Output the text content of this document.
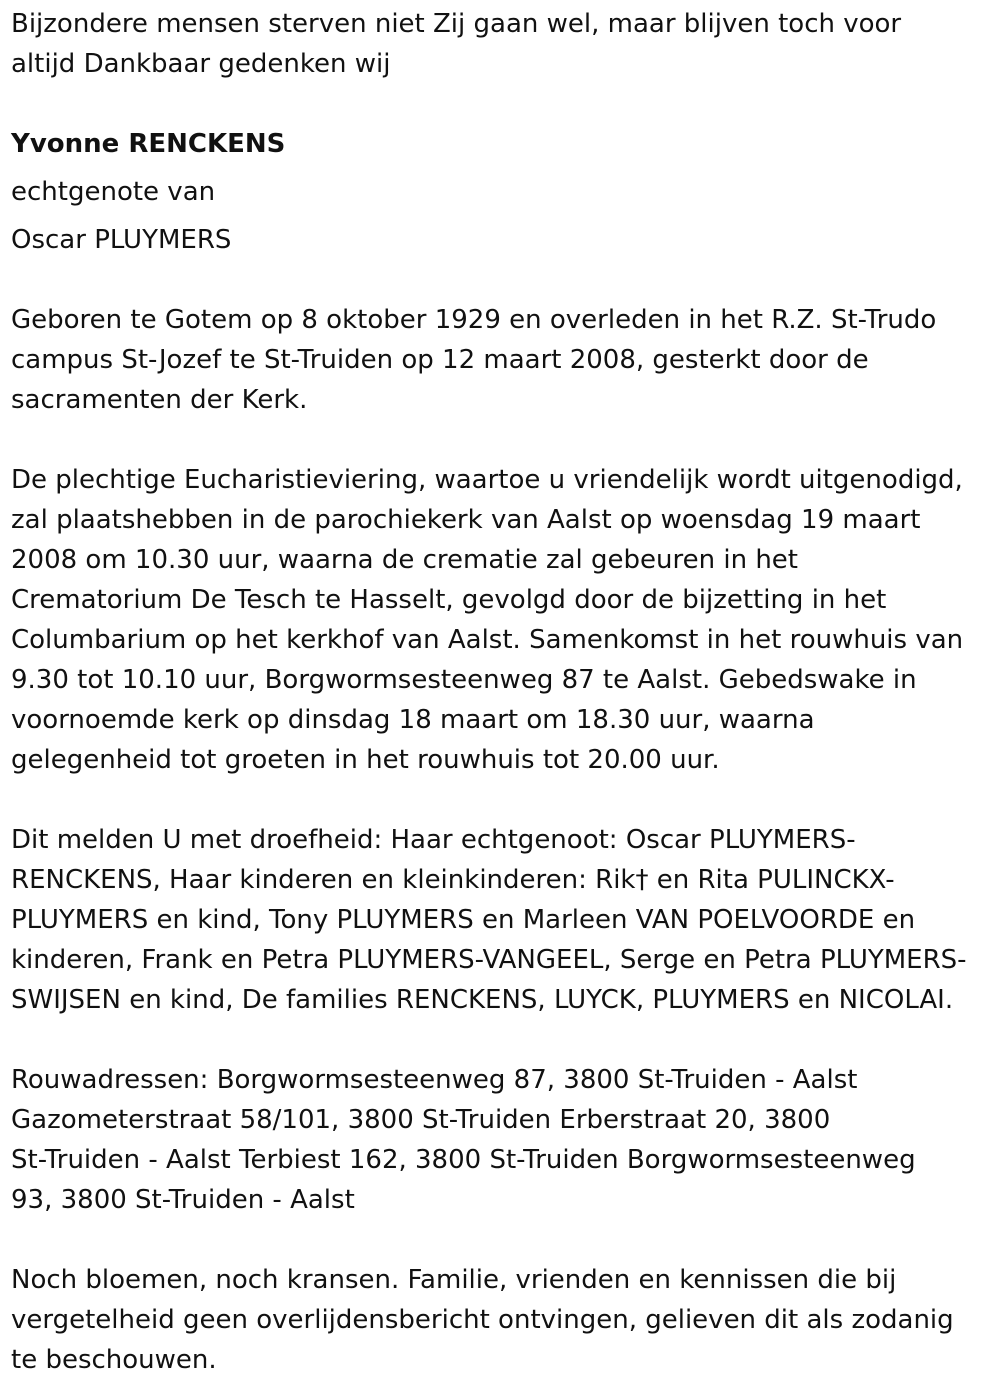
Bijzondere mensen sterven niet Zij gaan wel, maar blijven toch voor
altijd Dankbaar gedenken wij

Yvonne RENCKENS

echtgenote van

Oscar PLUYMERS

Geboren te Gotem op 8 oktober 1929 en overleden in het R.Z. St-Trudo
campus St-Jozef te St-Truiden op 12 maart 2008, gesterkt door de
sacramenten der Kerk.

De plechtige Eucharistieviering, waartoe u vriendelijk wordt uitgenodigd,
zal plaatshebben in de parochiekerk van Aalst op woensdag 19 maart
2008 om 10.30 uur, waarna de crematie zal gebeuren in het
Crematorium De Tesch te Hasselt, gevolgd door de bijzetting in het
Columbarium op het kerkhof van Aalst. Samenkomst in het rouwhuis van
9.30 tot 10.10 uur, Borgwormsesteenweg 87 te Aalst. Gebedswake in
voornoemde kerk op dinsdag 18 maart om 18.30 uur, waarna
gelegenheid tot groeten in het rouwhuis tot 20.00 uur.

Dit melden U met droefheid: Haar echtgenoot: Oscar PLUYMERS-
RENCKENS, Haar kinderen en kleinkinderen: Rik† en Rita PULINCKX-
PLUYMERS en kind, Tony PLUYMERS en Marleen VAN POELVOORDE en
kinderen, Frank en Petra PLUYMERS-VANGEEL, Serge en Petra PLUYMERS-
SWIJSEN en kind, De families RENCKENS, LUYCK, PLUYMERS en NICOLAI.

Rouwadressen: Borgwormsesteenweg 87, 3800 St-Truiden - Aalst
Gazometerstraat 58/101, 3800 St-Truiden Erberstraat 20, 3800
St-Truiden - Aalst Terbiest 162, 3800 St-Truiden Borgwormsesteenweg
93, 3800 St-Truiden - Aalst

Noch bloemen, noch kransen. Familie, vrienden en kennissen die bij
vergetelheid geen overlijdensbericht ontvingen, gelieven dit als zodanig
te beschouwen.
